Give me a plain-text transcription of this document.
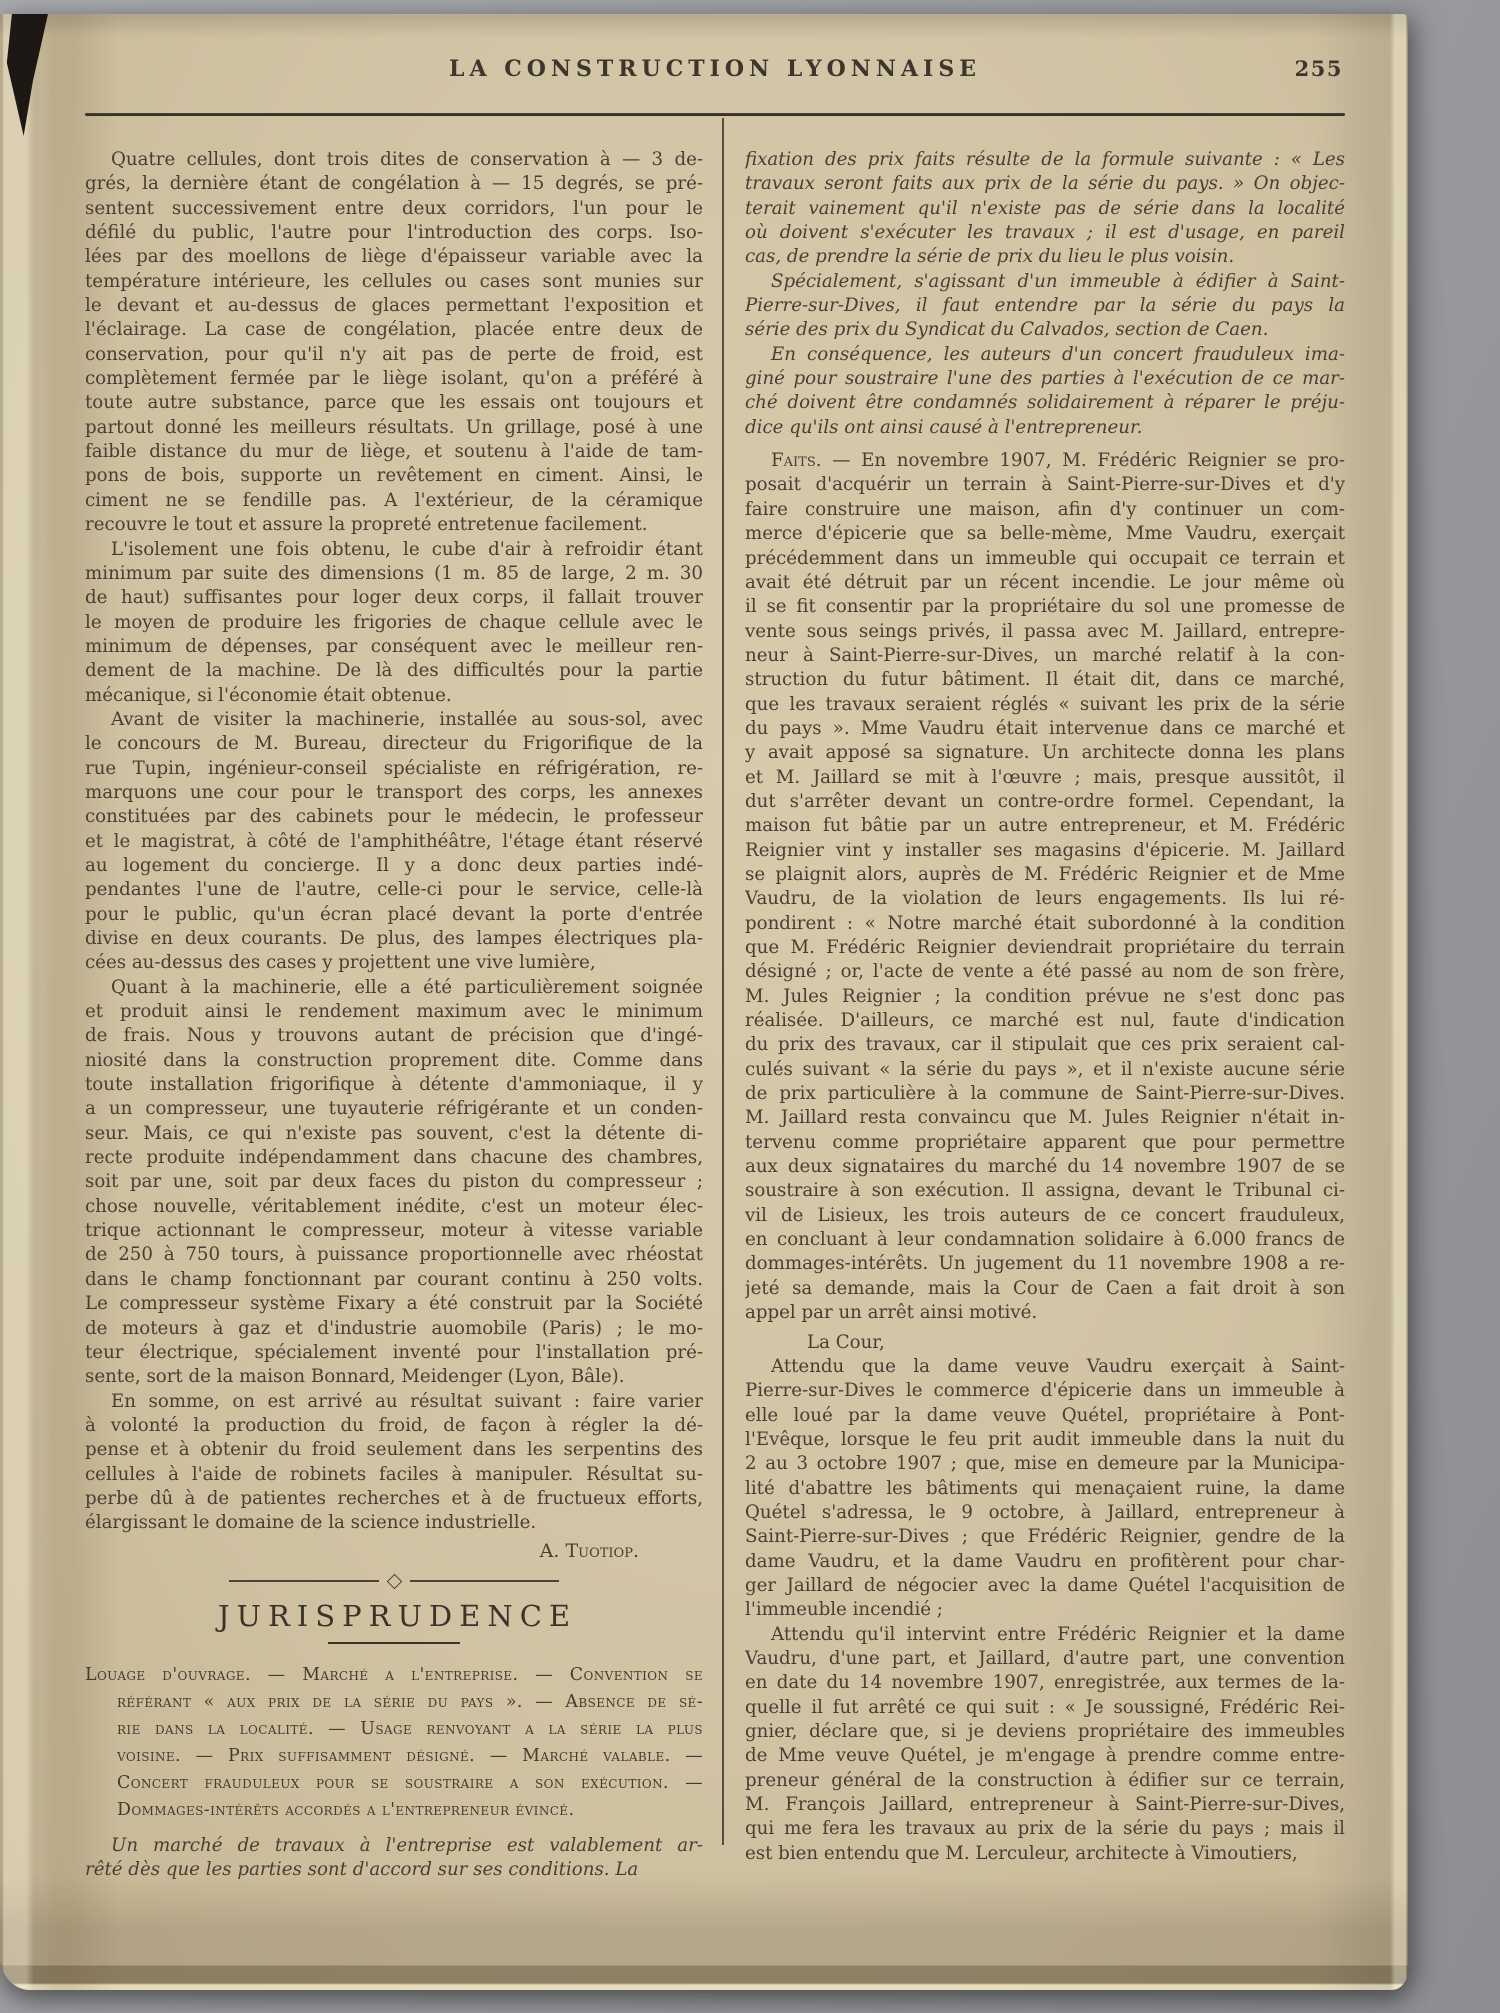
LA CONSTRUCTION LYONNAISE	255
Quatre cellules, dont trois dites de conservation à — 3 de-
grés, la dernière étant de congélation à — 15 degrés, se pré-
sentent successivement entre deux corridors, l'un pour le
défilé du public, l'autre pour l'introduction des corps. Iso-
lées par des moellons de liège d'épaisseur variable avec la
température intérieure, les cellules ou cases sont munies sur
le devant et au-dessus de glaces permettant l'exposition et
l'éclairage. La case de congélation, placée entre deux de
conservation, pour qu'il n'y ait pas de perte de froid, est
complètement fermée par le liège isolant, qu'on a préféré à
toute autre substance, parce que les essais ont toujours et
partout donné les meilleurs résultats. Un grillage, posé à une
faible distance du mur de liège, et soutenu à l'aide de tam-
pons de bois, supporte un revêtement en ciment. Ainsi, le
ciment ne se fendille pas. A l'extérieur, de la céramique
recouvre le tout et assure la propreté entretenue facilement.
L'isolement une fois obtenu, le cube d'air à refroidir étant
minimum par suite des dimensions (1 m. 85 de large, 2 m. 30
de haut) suffisantes pour loger deux corps, il fallait trouver
le moyen de produire les frigories de chaque cellule avec le
minimum de dépenses, par conséquent avec le meilleur ren-
dement de la machine. De là des difficultés pour la partie
mécanique, si l'économie était obtenue.
Avant de visiter la machinerie, installée au sous-sol, avec
le concours de M. Bureau, directeur du Frigorifique de la
rue Tupin, ingénieur-conseil spécialiste en réfrigération, re-
marquons une cour pour le transport des corps, les annexes
constituées par des cabinets pour le médecin, le professeur
et le magistrat, à côté de l'amphithéâtre, l'étage étant réservé
au logement du concierge. Il y a donc deux parties indé-
pendantes l'une de l'autre, celle-ci pour le service, celle-là
pour le public, qu'un écran placé devant la porte d'entrée
divise en deux courants. De plus, des lampes électriques pla-
cées au-dessus des cases y projettent une vive lumière,
Quant à la machinerie, elle a été particulièrement soignée
et produit ainsi le rendement maximum avec le minimum
de frais. Nous y trouvons autant de précision que d'ingé-
niosité dans la construction proprement dite. Comme dans
toute installation frigorifique à détente d'ammoniaque, il y
a un compresseur, une tuyauterie réfrigérante et un conden-
seur. Mais, ce qui n'existe pas souvent, c'est la détente di-
recte produite indépendamment dans chacune des chambres,
soit par une, soit par deux faces du piston du compresseur ;
chose nouvelle, véritablement inédite, c'est un moteur élec-
trique actionnant le compresseur, moteur à vitesse variable
de 250 à 750 tours, à puissance proportionnelle avec rhéostat
dans le champ fonctionnant par courant continu à 250 volts.
Le compresseur système Fixary a été construit par la Société
de moteurs à gaz et d'industrie auomobile (Paris) ; le mo-
teur électrique, spécialement inventé pour l'installation pré-
sente, sort de la maison Bonnard, Meidenger (Lyon, Bâle).
En somme, on est arrivé au résultat suivant : faire varier
à volonté la production du froid, de façon à régler la dé-
pense et à obtenir du froid seulement dans les serpentins des
cellules à l'aide de robinets faciles à manipuler. Résultat su-
perbe dû à de patientes recherches et à de fructueux efforts,
élargissant le domaine de la science industrielle.
A. Tuotiop.
JURISPRUDENCE
Louage d'ouvrage. — Marché a l'entreprise. — Convention se
référant « aux prix de la série du pays ». — Absence de sé-
rie dans la localité. — Usage renvoyant a la série la plus
voisine. — Prix suffisamment désigné. — Marché valable. —
Concert frauduleux pour se soustraire a son exécution. —
Dommages-intérêts accordés a l'entrepreneur évincé.
Un marché de travaux à l'entreprise est valablement ar-
rêté dès que les parties sont d'accord sur ses conditions. La
fixation des prix faits résulte de la formule suivante : « Les
travaux seront faits aux prix de la série du pays. » On objec-
terait vainement qu'il n'existe pas de série dans la localité
où doivent s'exécuter les travaux ; il est d'usage, en pareil
cas, de prendre la série de prix du lieu le plus voisin.
Spécialement, s'agissant d'un immeuble à édifier à Saint-
Pierre-sur-Dives, il faut entendre par la série du pays la
série des prix du Syndicat du Calvados, section de Caen.
En conséquence, les auteurs d'un concert frauduleux ima-
giné pour soustraire l'une des parties à l'exécution de ce mar-
ché doivent être condamnés solidairement à réparer le préju-
dice qu'ils ont ainsi causé à l'entrepreneur.
Faits. — En novembre 1907, M. Frédéric Reignier se pro-
posait d'acquérir un terrain à Saint-Pierre-sur-Dives et d'y
faire construire une maison, afin d'y continuer un com-
merce d'épicerie que sa belle-mème, Mme Vaudru, exerçait
précédemment dans un immeuble qui occupait ce terrain et
avait été détruit par un récent incendie. Le jour même où
il se fit consentir par la propriétaire du sol une promesse de
vente sous seings privés, il passa avec M. Jaillard, entrepre-
neur à Saint-Pierre-sur-Dives, un marché relatif à la con-
struction du futur bâtiment. Il était dit, dans ce marché,
que les travaux seraient réglés « suivant les prix de la série
du pays ». Mme Vaudru était intervenue dans ce marché et
y avait apposé sa signature. Un architecte donna les plans
et M. Jaillard se mit à l'œuvre ; mais, presque aussitôt, il
dut s'arrêter devant un contre-ordre formel. Cependant, la
maison fut bâtie par un autre entrepreneur, et M. Frédéric
Reignier vint y installer ses magasins d'épicerie. M. Jaillard
se plaignit alors, auprès de M. Frédéric Reignier et de Mme
Vaudru, de la violation de leurs engagements. Ils lui ré-
pondirent : « Notre marché était subordonné à la condition
que M. Frédéric Reignier deviendrait propriétaire du terrain
désigné ; or, l'acte de vente a été passé au nom de son frère,
M. Jules Reignier ; la condition prévue ne s'est donc pas
réalisée. D'ailleurs, ce marché est nul, faute d'indication
du prix des travaux, car il stipulait que ces prix seraient cal-
culés suivant « la série du pays », et il n'existe aucune série
de prix particulière à la commune de Saint-Pierre-sur-Dives.
M. Jaillard resta convaincu que M. Jules Reignier n'était in-
tervenu comme propriétaire apparent que pour permettre
aux deux signataires du marché du 14 novembre 1907 de se
soustraire à son exécution. Il assigna, devant le Tribunal ci-
vil de Lisieux, les trois auteurs de ce concert frauduleux,
en concluant à leur condamnation solidaire à 6.000 francs de
dommages-intérêts. Un jugement du 11 novembre 1908 a re-
jeté sa demande, mais la Cour de Caen a fait droit à son
appel par un arrêt ainsi motivé.
La Cour,
Attendu que la dame veuve Vaudru exerçait à Saint-
Pierre-sur-Dives le commerce d'épicerie dans un immeuble à
elle loué par la dame veuve Quétel, propriétaire à Pont-
l'Evêque, lorsque le feu prit audit immeuble dans la nuit du
2 au 3 octobre 1907 ; que, mise en demeure par la Municipa-
lité d'abattre les bâtiments qui menaçaient ruine, la dame
Quétel s'adressa, le 9 octobre, à Jaillard, entrepreneur à
Saint-Pierre-sur-Dives ; que Frédéric Reignier, gendre de la
dame Vaudru, et la dame Vaudru en profitèrent pour char-
ger Jaillard de négocier avec la dame Quétel l'acquisition de
l'immeuble incendié ;
Attendu qu'il intervint entre Frédéric Reignier et la dame
Vaudru, d'une part, et Jaillard, d'autre part, une convention
en date du 14 novembre 1907, enregistrée, aux termes de la-
quelle il fut arrêté ce qui suit : « Je soussigné, Frédéric Rei-
gnier, déclare que, si je deviens propriétaire des immeubles
de Mme veuve Quétel, je m'engage à prendre comme entre-
preneur général de la construction à édifier sur ce terrain,
M. François Jaillard, entrepreneur à Saint-Pierre-sur-Dives,
qui me fera les travaux au prix de la série du pays ; mais il
est bien entendu que M. Lerculeur, architecte à Vimoutiers,
